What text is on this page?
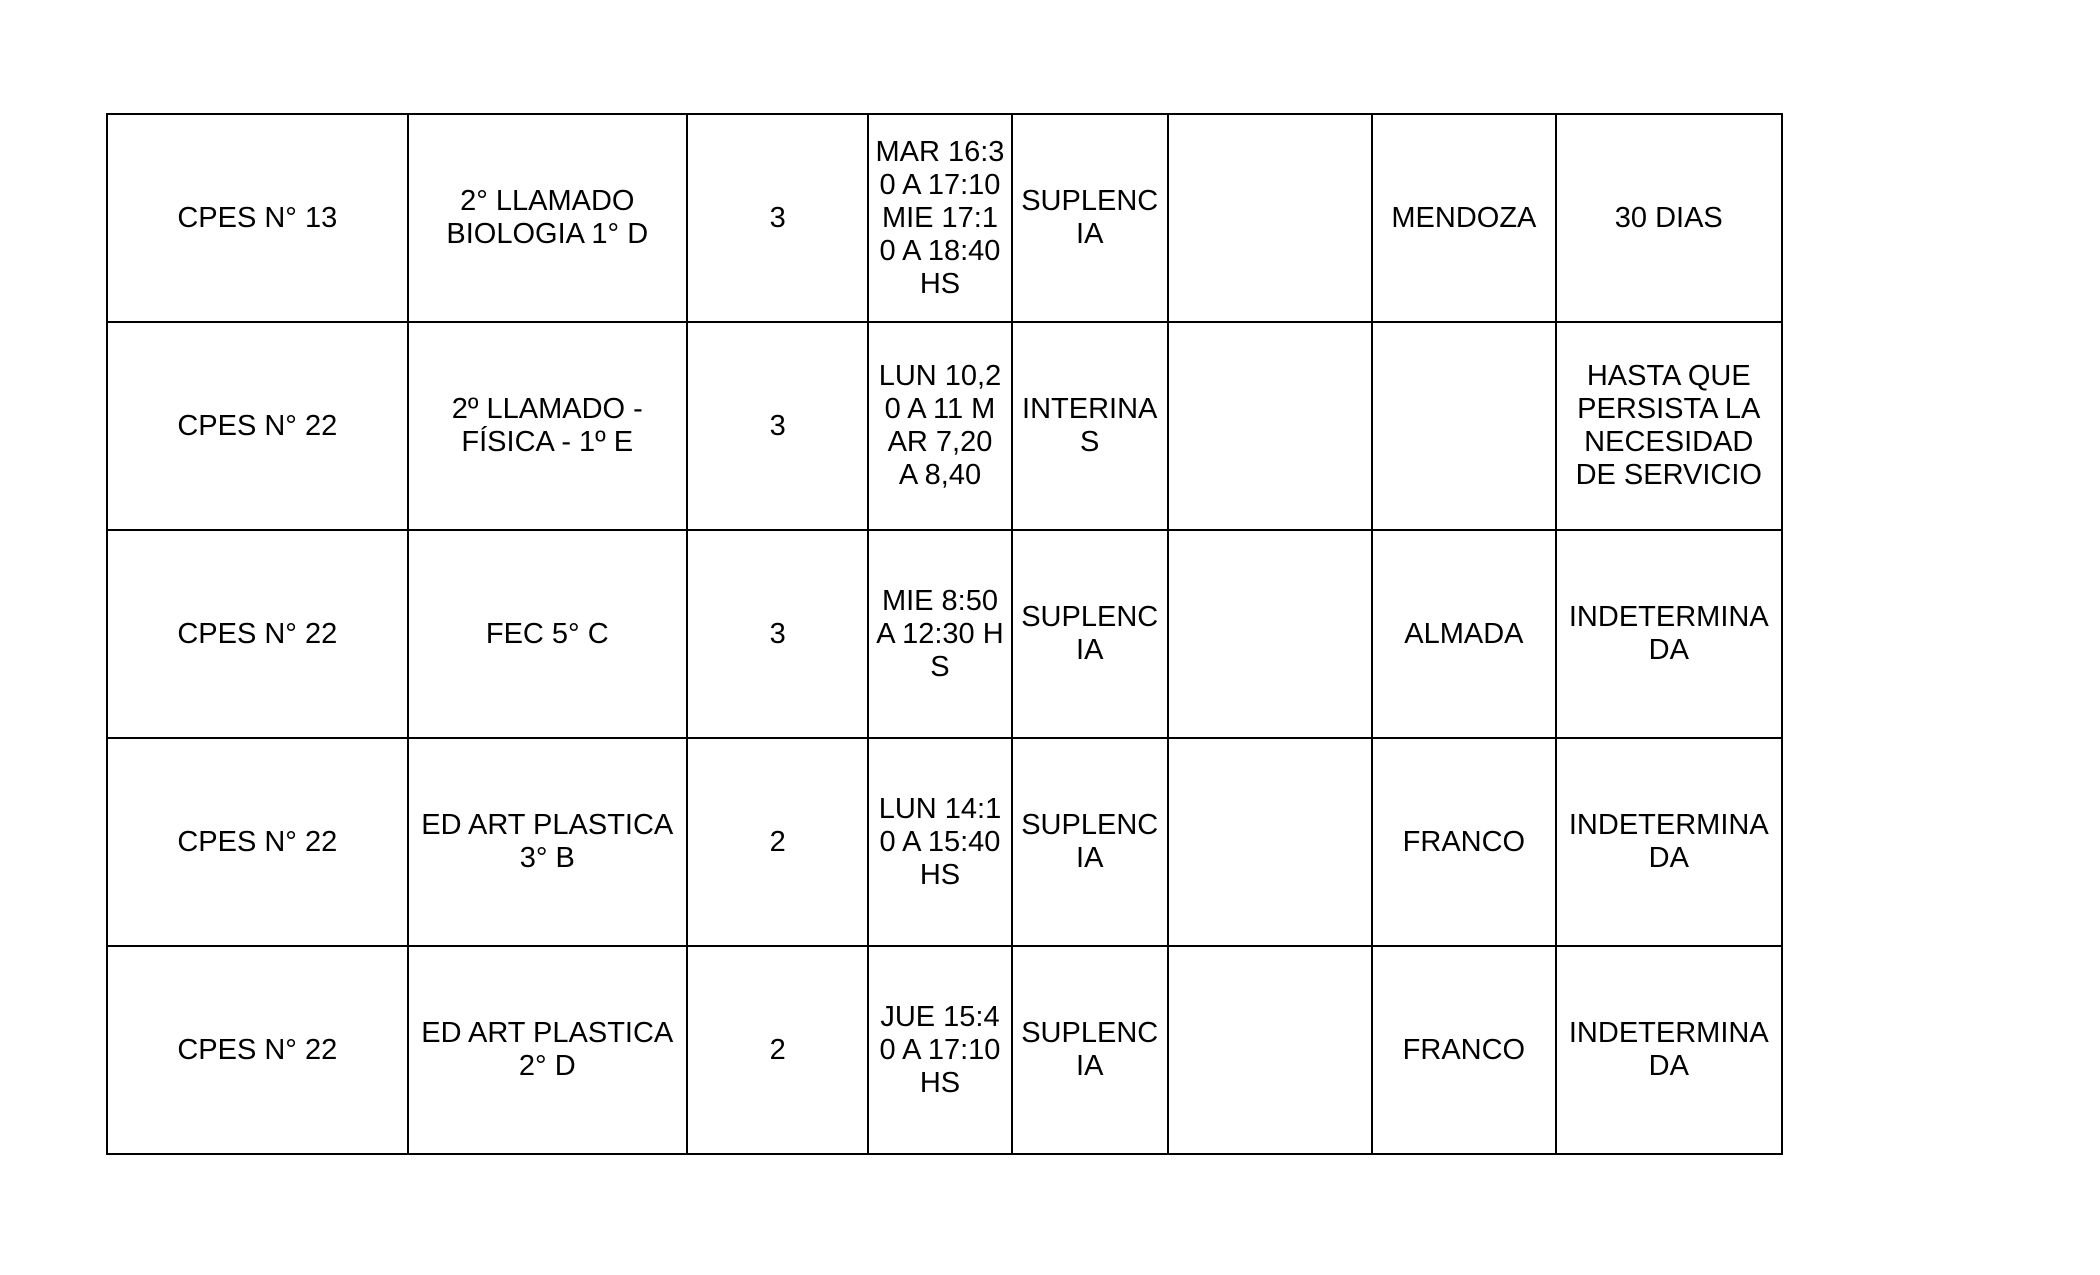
CPES N° 13	2° LLAMADO BIOLOGIA 1° D	3	MAR 16:30 A 17:10 MIE 17:10 A 18:40 HS	SUPLENCIA		MENDOZA	30 DIAS
CPES N° 22	2º LLAMADO - FÍSICA - 1º E	3	LUN 10,20 A 11 MAR 7,20 A 8,40	INTERINAS			HASTA QUE PERSISTA LA NECESIDAD DE SERVICIO
CPES N° 22	FEC 5° C	3	MIE 8:50 A 12:30 HS	SUPLENCIA		ALMADA	INDETERMINADA
CPES N° 22	ED ART PLASTICA 3° B	2	LUN 14:10 A 15:40 HS	SUPLENCIA		FRANCO	INDETERMINADA
CPES N° 22	ED ART PLASTICA 2° D	2	JUE 15:40 A 17:10 HS	SUPLENCIA		FRANCO	INDETERMINADA
